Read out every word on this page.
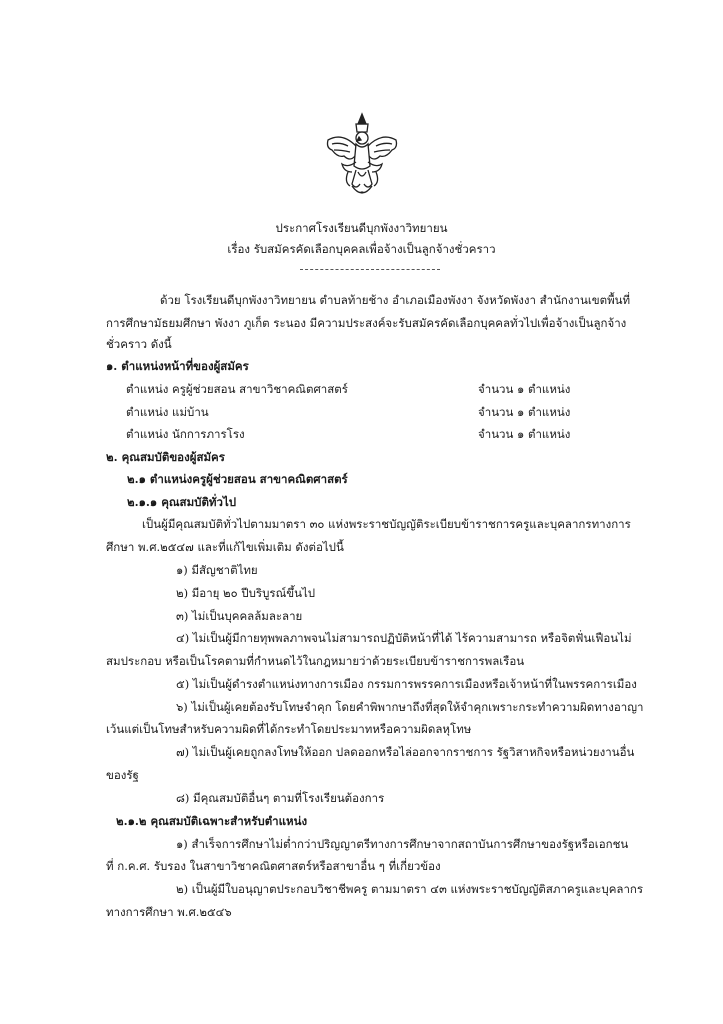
ประกาศโรงเรียนดีบุกพังงาวิทยายน
เรื่อง รับสมัครคัดเลือกบุคคลเพื่อจ้างเป็นลูกจ้างชั่วคราว
ด้วย โรงเรียนดีบุกพังงาวิทยายน ตำบลท้ายช้าง อำเภอเมืองพังงา จังหวัดพังงา สำนักงานเขตพื้นที่
การศึกษามัธยมศึกษา พังงา ภูเก็ต ระนอง มีความประสงค์จะรับสมัครคัดเลือกบุคคลทั่วไปเพื่อจ้างเป็นลูกจ้าง
ชั่วคราว ดังนี้
๑. ตำแหน่งหน้าที่ของผู้สมัคร
ตำแหน่ง ครูผู้ช่วยสอน สาขาวิชาคณิตศาสตร์	จำนวน ๑ ตำแหน่ง
ตำแหน่ง แม่บ้าน	จำนวน ๑ ตำแหน่ง
ตำแหน่ง นักการภารโรง	จำนวน ๑ ตำแหน่ง
๒. คุณสมบัติของผู้สมัคร
๒.๑ ตำแหน่งครูผู้ช่วยสอน สาขาคณิตศาสตร์
๒.๑.๑ คุณสมบัติทั่วไป
เป็นผู้มีคุณสมบัติทั่วไปตามมาตรา ๓๐ แห่งพระราชบัญญัติระเบียบข้าราชการครูและบุคลากรทางการ
ศึกษา พ.ศ.๒๕๔๗ และที่แก้ไขเพิ่มเติม ดังต่อไปนี้
๑) มีสัญชาติไทย
๒) มีอายุ ๒๐ ปีบริบูรณ์ขึ้นไป
๓) ไม่เป็นบุคคลล้มละลาย
๔) ไม่เป็นผู้มีกายทุพพลภาพจนไม่สามารถปฏิบัติหน้าที่ได้ ไร้ความสามารถ หรือจิตฟั่นเฟือนไม่
สมประกอบ หรือเป็นโรคตามที่กำหนดไว้ในกฎหมายว่าด้วยระเบียบข้าราชการพลเรือน
๕) ไม่เป็นผู้ดำรงตำแหน่งทางการเมือง กรรมการพรรคการเมืองหรือเจ้าหน้าที่ในพรรคการเมือง
๖) ไม่เป็นผู้เคยต้องรับโทษจำคุก โดยคำพิพากษาถึงที่สุดให้จำคุกเพราะกระทำความผิดทางอาญา
เว้นแต่เป็นโทษสำหรับความผิดที่ได้กระทำโดยประมาทหรือความผิดลหุโทษ
๗) ไม่เป็นผู้เคยถูกลงโทษให้ออก ปลดออกหรือไล่ออกจากราชการ รัฐวิสาหกิจหรือหน่วยงานอื่น
ของรัฐ
๘) มีคุณสมบัติอื่นๆ ตามที่โรงเรียนต้องการ
๒.๑.๒ คุณสมบัติเฉพาะสำหรับตำแหน่ง
๑) สำเร็จการศึกษาไม่ต่ำกว่าปริญญาตรีทางการศึกษาจากสถาบันการศึกษาของรัฐหรือเอกชน
ที่ ก.ค.ศ. รับรอง ในสาขาวิชาคณิตศาสตร์หรือสาขาอื่น ๆ ที่เกี่ยวข้อง
๒) เป็นผู้มีใบอนุญาตประกอบวิชาชีพครู ตามมาตรา ๔๓ แห่งพระราชบัญญัติสภาครูและบุคลากร
ทางการศึกษา พ.ศ.๒๕๔๖
